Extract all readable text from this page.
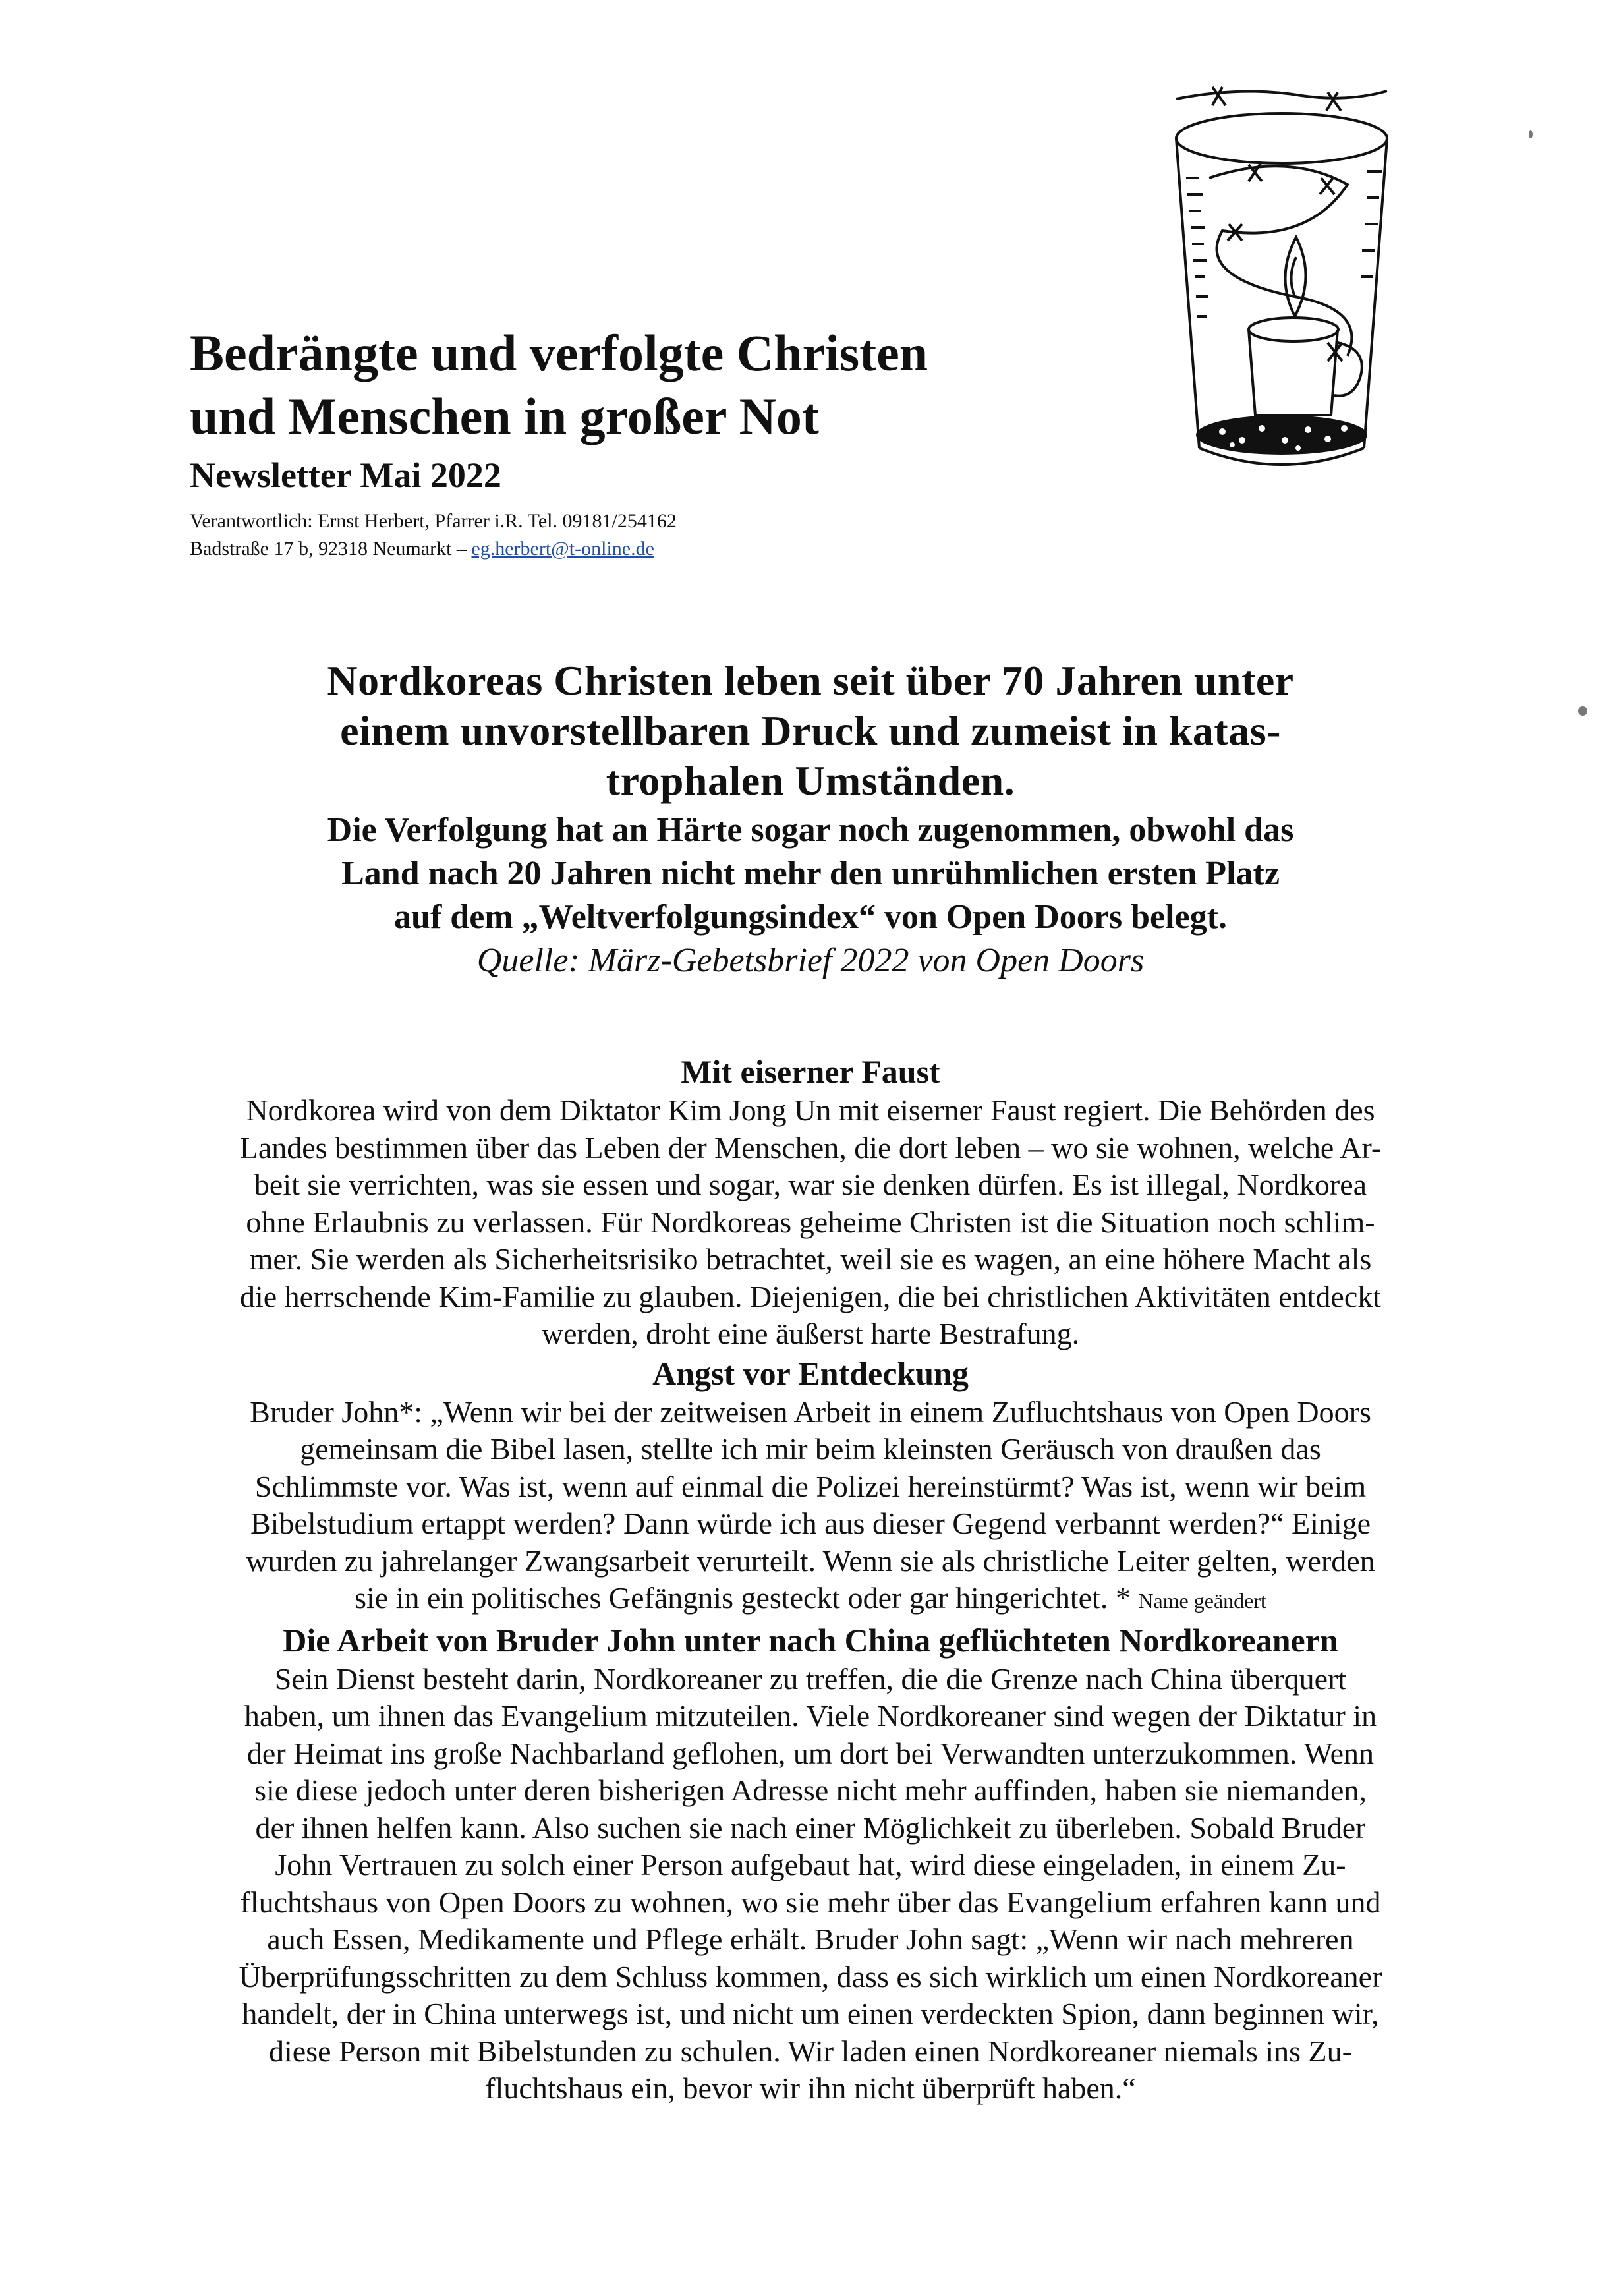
Bedrängte und verfolgte Christen
und Menschen in großer Not

Newsletter Mai 2022

Verantwortlich: Ernst Herbert, Pfarrer i.R. Tel. 09181/254162
Badstraße 17 b, 92318 Neumarkt – eg.herbert@t-online.de
Nordkoreas Christen leben seit über 70 Jahren unter
einem unvorstellbaren Druck und zumeist in katas-
trophalen Umständen.

Die Verfolgung hat an Härte sogar noch zugenommen, obwohl das

Land nach 20 Jahren nicht mehr den unrühmlichen ersten Platz

auf dem „Weltverfolgungsindex“ von Open Doors belegt.

Quelle: März-Gebetsbrief 2022 von Open Doors

Mit eiserner Faust

Nordkorea wird von dem Diktator Kim Jong Un mit eiserner Faust regiert. Die Behörden des

Landes bestimmen über das Leben der Menschen, die dort leben – wo sie wohnen, welche Ar-

beit sie verrichten, was sie essen und sogar, war sie denken dürfen. Es ist illegal, Nordkorea

ohne Erlaubnis zu verlassen. Für Nordkoreas geheime Christen ist die Situation noch schlim-

mer. Sie werden als Sicherheitsrisiko betrachtet, weil sie es wagen, an eine höhere Macht als

die herrschende Kim-Familie zu glauben. Diejenigen, die bei christlichen Aktivitäten entdeckt

werden, droht eine äußerst harte Bestrafung.

Angst vor Entdeckung

Bruder John*: „Wenn wir bei der zeitweisen Arbeit in einem Zufluchtshaus von Open Doors

gemeinsam die Bibel lasen, stellte ich mir beim kleinsten Geräusch von draußen das

Schlimmste vor. Was ist, wenn auf einmal die Polizei hereinstürmt? Was ist, wenn wir beim

Bibelstudium ertappt werden? Dann würde ich aus dieser Gegend verbannt werden?“ Einige

wurden zu jahrelanger Zwangsarbeit verurteilt. Wenn sie als christliche Leiter gelten, werden

sie in ein politisches Gefängnis gesteckt oder gar hingerichtet. * Name geändert

Die Arbeit von Bruder John unter nach China geflüchteten Nordkoreanern

Sein Dienst besteht darin, Nordkoreaner zu treffen, die die Grenze nach China überquert

haben, um ihnen das Evangelium mitzuteilen. Viele Nordkoreaner sind wegen der Diktatur in

der Heimat ins große Nachbarland geflohen, um dort bei Verwandten unterzukommen. Wenn

sie diese jedoch unter deren bisherigen Adresse nicht mehr auffinden, haben sie niemanden,

der ihnen helfen kann. Also suchen sie nach einer Möglichkeit zu überleben. Sobald Bruder

John Vertrauen zu solch einer Person aufgebaut hat, wird diese eingeladen, in einem Zu-

fluchtshaus von Open Doors zu wohnen, wo sie mehr über das Evangelium erfahren kann und

auch Essen, Medikamente und Pflege erhält. Bruder John sagt: „Wenn wir nach mehreren

Überprüfungsschritten zu dem Schluss kommen, dass es sich wirklich um einen Nordkoreaner

handelt, der in China unterwegs ist, und nicht um einen verdeckten Spion, dann beginnen wir,

diese Person mit Bibelstunden zu schulen. Wir laden einen Nordkoreaner niemals ins Zu-

fluchtshaus ein, bevor wir ihn nicht überprüft haben.“
